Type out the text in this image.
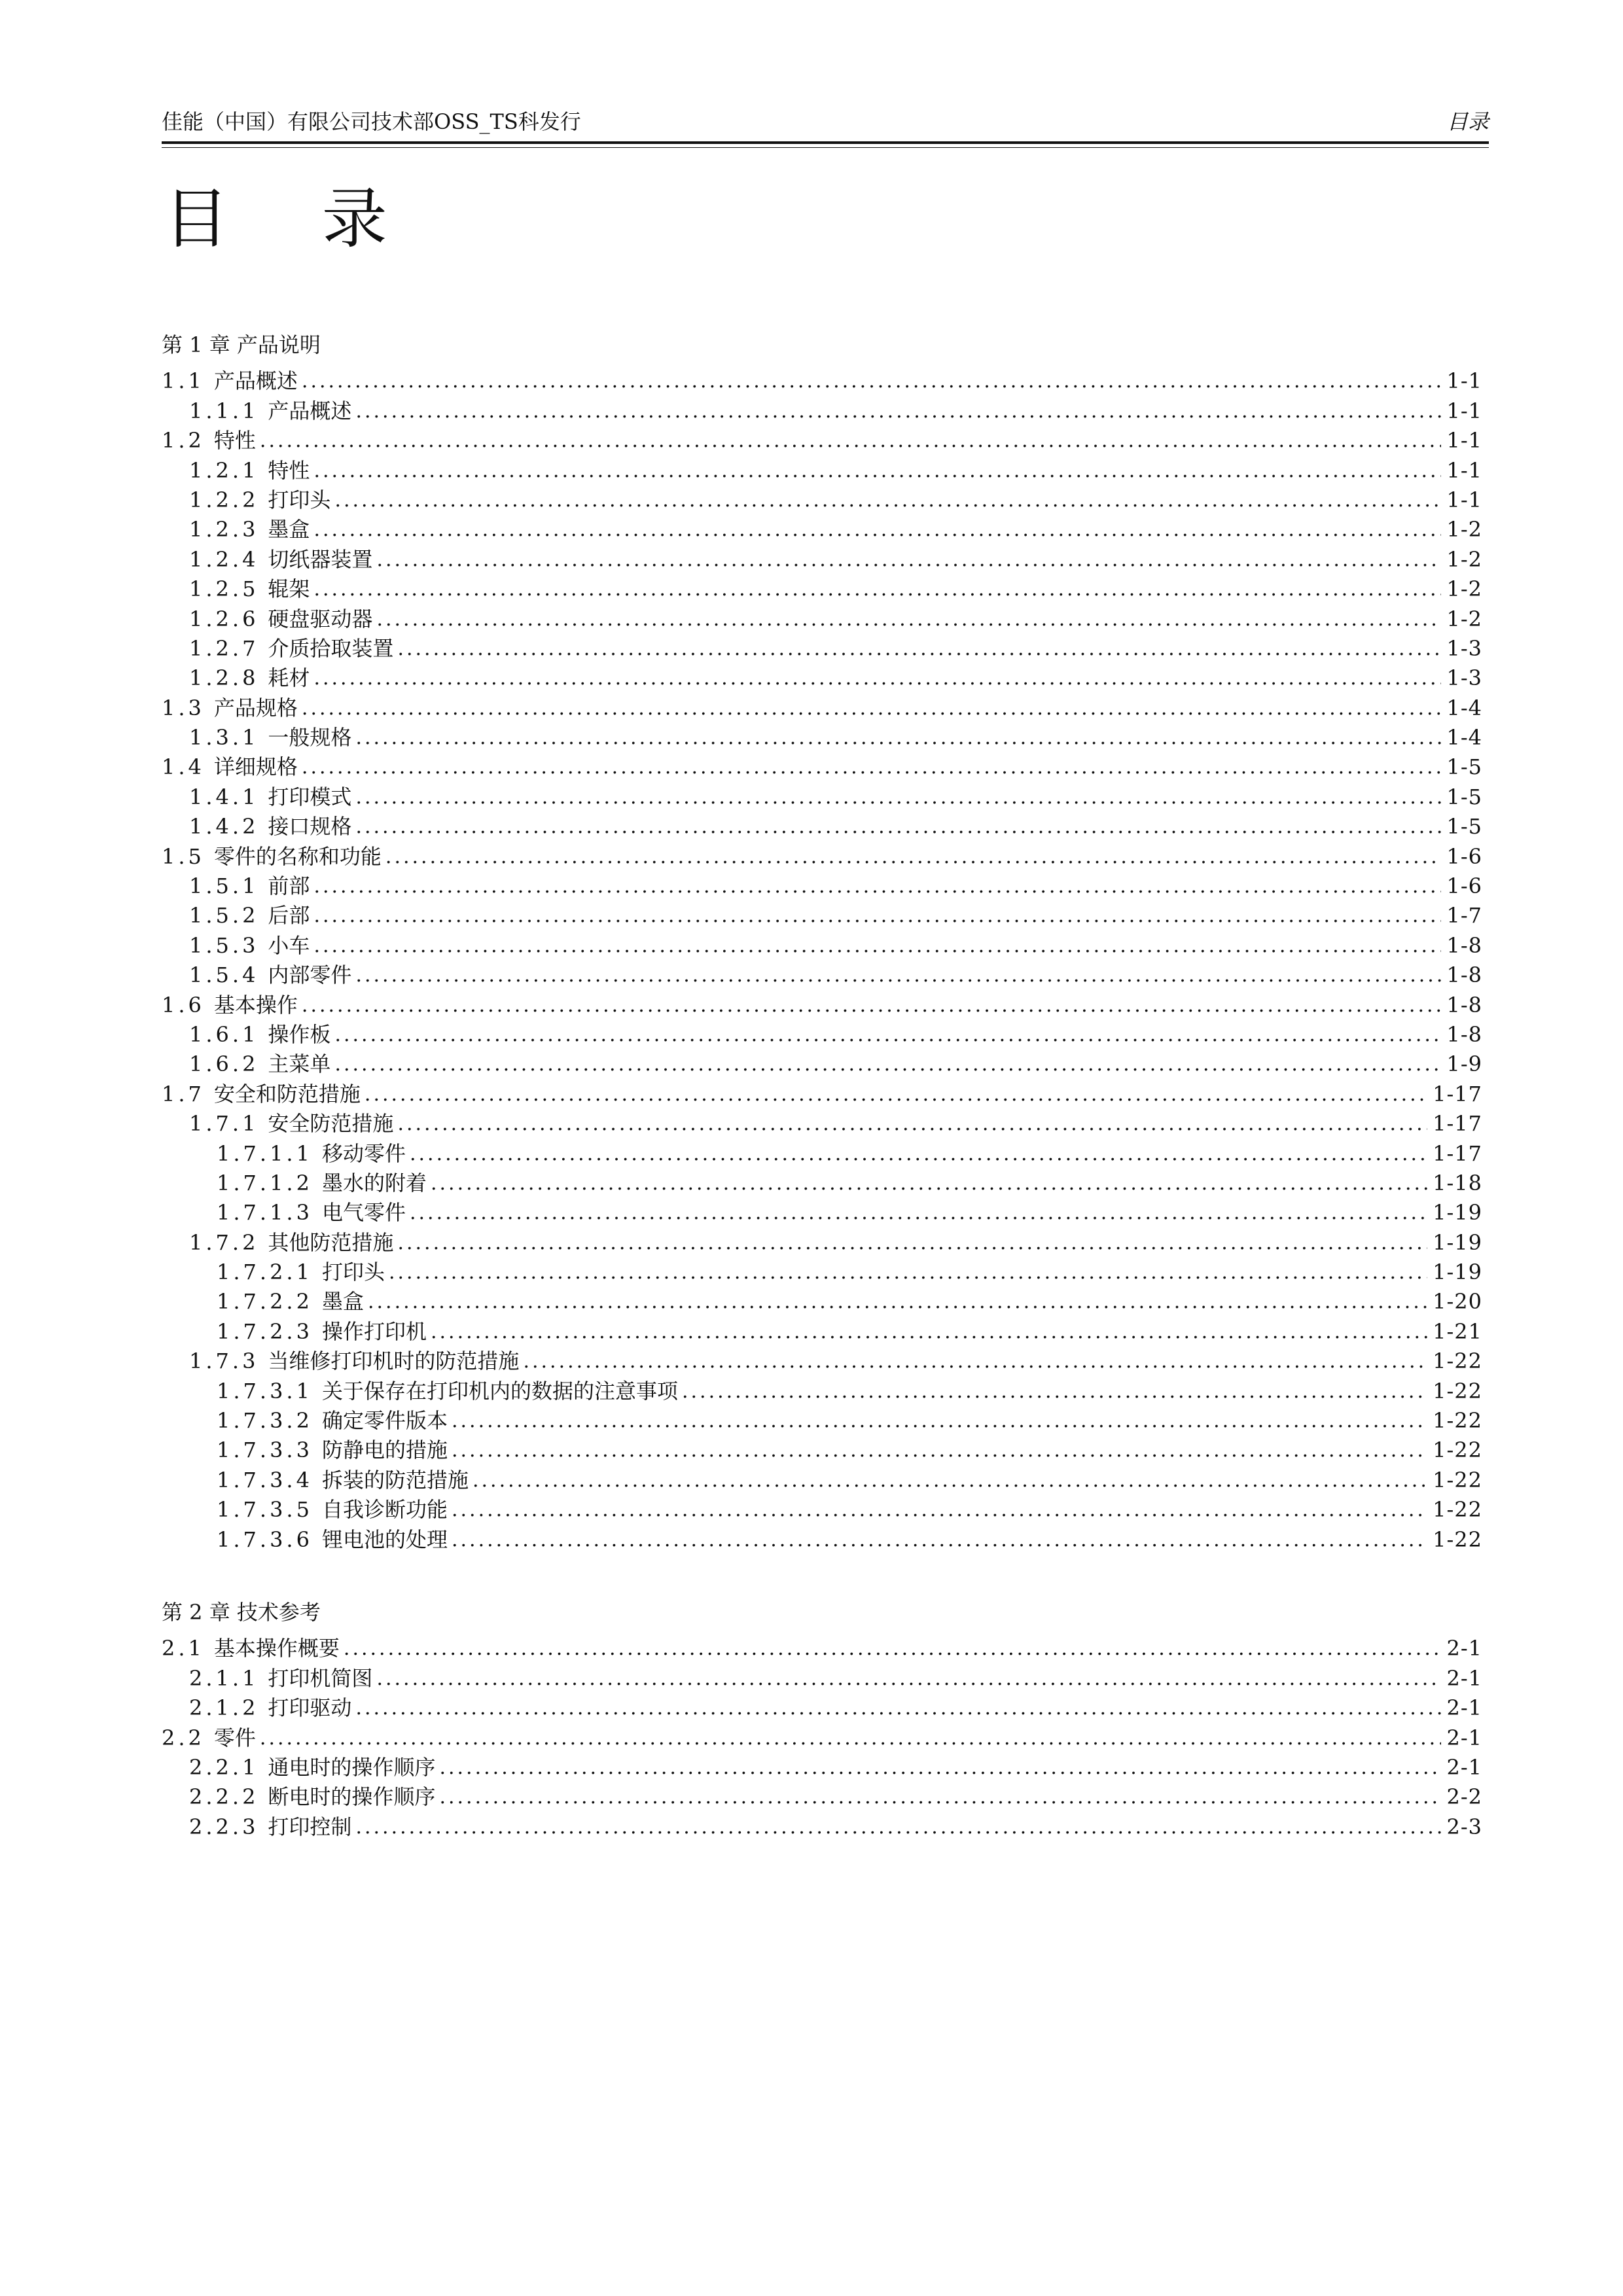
佳能（中国）有限公司技术部OSS_TS科发行	目录
目 录
第 1 章 产品说明
1.1 产品概述 .....	1-1
1.1.1 产品概述 .....	1-1
1.2 特性 .....	1-1
1.2.1 特性 .....	1-1
1.2.2 打印头 .....	1-1
1.2.3 墨盒 .....	1-2
1.2.4 切纸器装置 .....	1-2
1.2.5 辊架 .....	1-2
1.2.6 硬盘驱动器 .....	1-2
1.2.7 介质拾取装置 .....	1-3
1.2.8 耗材 .....	1-3
1.3 产品规格 .....	1-4
1.3.1 一般规格 .....	1-4
1.4 详细规格 .....	1-5
1.4.1 打印模式 .....	1-5
1.4.2 接口规格 .....	1-5
1.5 零件的名称和功能 .....	1-6
1.5.1 前部 .....	1-6
1.5.2 后部 .....	1-7
1.5.3 小车 .....	1-8
1.5.4 内部零件 .....	1-8
1.6 基本操作 .....	1-8
1.6.1 操作板 .....	1-8
1.6.2 主菜单 .....	1-9
1.7 安全和防范措施 .....	1-17
1.7.1 安全防范措施 .....	1-17
1.7.1.1 移动零件 .....	1-17
1.7.1.2 墨水的附着 .....	1-18
1.7.1.3 电气零件 .....	1-19
1.7.2 其他防范措施 .....	1-19
1.7.2.1 打印头 .....	1-19
1.7.2.2 墨盒 .....	1-20
1.7.2.3 操作打印机 .....	1-21
1.7.3 当维修打印机时的防范措施 .....	1-22
1.7.3.1 关于保存在打印机内的数据的注意事项 .....	1-22
1.7.3.2 确定零件版本 .....	1-22
1.7.3.3 防静电的措施 .....	1-22
1.7.3.4 拆装的防范措施 .....	1-22
1.7.3.5 自我诊断功能 .....	1-22
1.7.3.6 锂电池的处理 .....	1-22
第 2 章 技术参考
2.1 基本操作概要 .....	2-1
2.1.1 打印机简图 .....	2-1
2.1.2 打印驱动 .....	2-1
2.2 零件 .....	2-1
2.2.1 通电时的操作顺序 .....	2-1
2.2.2 断电时的操作顺序 .....	2-2
2.2.3 打印控制 .....	2-3
